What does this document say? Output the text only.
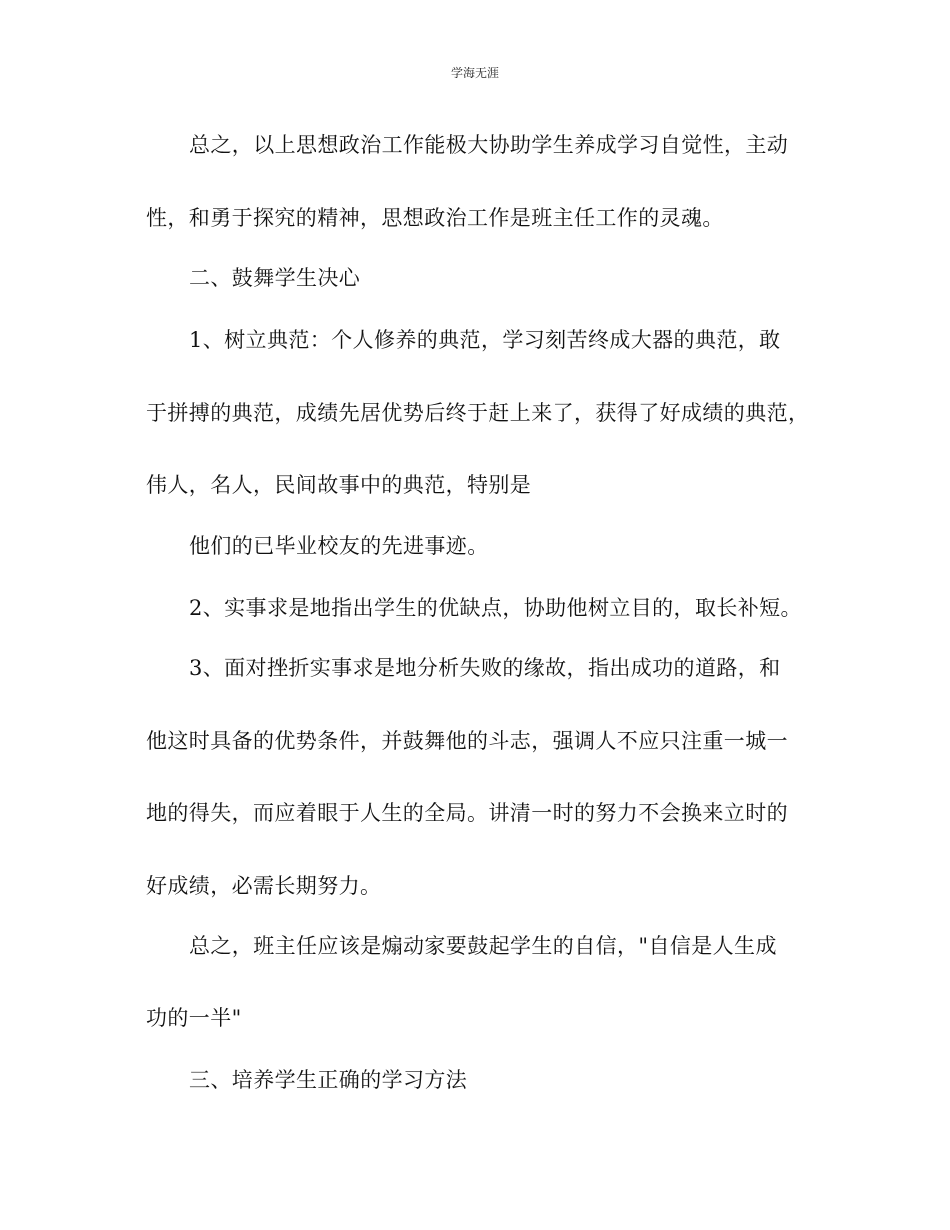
学海无涯
总之，以上思想政治工作能极大协助学生养成学习自觉性，主动
性，和勇于探究的精神，思想政治工作是班主任工作的灵魂。
二、鼓舞学生决心
1、树立典范：个人修养的典范，学习刻苦终成大器的典范，敢
于拼搏的典范，成绩先居优势后终于赶上来了，获得了好成绩的典范，
伟人，名人，民间故事中的典范，特别是
他们的已毕业校友的先进事迹。
2、实事求是地指出学生的优缺点，协助他树立目的，取长补短。
3、面对挫折实事求是地分析失败的缘故，指出成功的道路，和
他这时具备的优势条件，并鼓舞他的斗志，强调人不应只注重一城一
地的得失，而应着眼于人生的全局。讲清一时的努力不会换来立时的
好成绩，必需长期努力。
总之，班主任应该是煽动家要鼓起学生的自信，"自信是人生成
功的一半"
三、培养学生正确的学习方法
